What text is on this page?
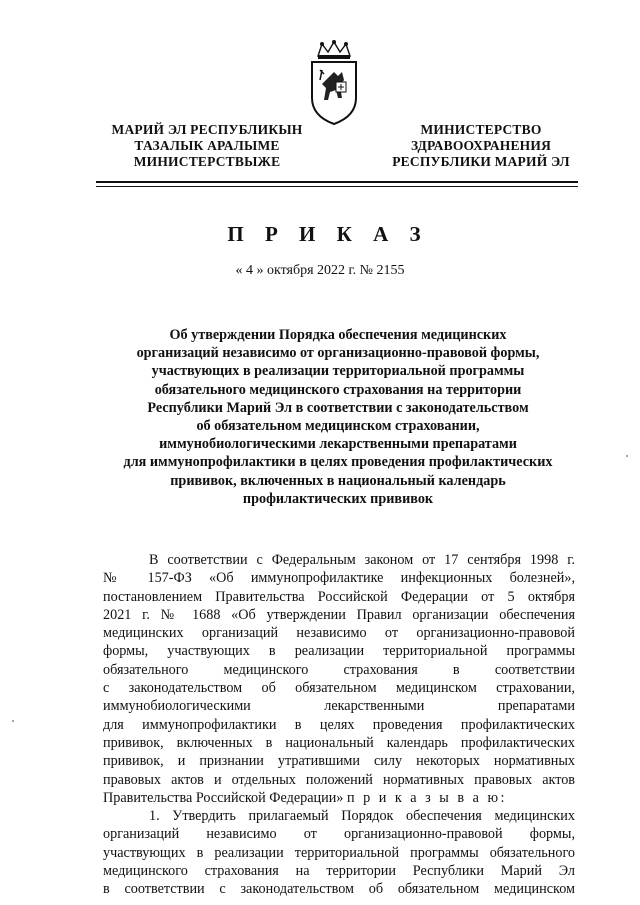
МАРИЙ ЭЛ РЕСПУБЛИКЫН
ТАЗАЛЫК АРАЛЫМЕ
МИНИСТЕРСТВЫЖЕ
МИНИСТЕРСТВО
ЗДРАВООХРАНЕНИЯ
РЕСПУБЛИКИ МАРИЙ ЭЛ
П Р И К А З
« 4 » октября 2022 г. № 2155
Об утверждении Порядка обеспечения медицинских
организаций независимо от организационно-правовой формы,
участвующих в реализации территориальной программы
обязательного медицинского страхования на территории
Республики Марий Эл в соответствии с законодательством
об обязательном медицинском страховании,
иммунобиологическими лекарственными препаратами
для иммунопрофилактики в целях проведения профилактических
прививок, включенных в национальный календарь
профилактических прививок
В соответствии с Федеральным законом от 17 сентября 1998 г.
№ 157-ФЗ «Об иммунопрофилактике инфекционных болезней»,
постановлением Правительства Российской Федерации от 5 октября
2021 г. № 1688 «Об утверждении Правил организации обеспечения
медицинских организаций независимо от организационно-правовой
формы, участвующих в реализации территориальной программы
обязательного медицинского страхования в соответствии
с законодательством об обязательном медицинском страховании,
иммунобиологическими лекарственными препаратами
для иммунопрофилактики в целях проведения профилактических
прививок, включенных в национальный календарь профилактических
прививок, и признании утратившими силу некоторых нормативных
правовых актов и отдельных положений нормативных правовых актов
Правительства Российской Федерации» п р и к а з ы в а ю:
1. Утвердить прилагаемый Порядок обеспечения медицинских
организаций независимо от организационно-правовой формы,
участвующих в реализации территориальной программы обязательного
медицинского страхования на территории Республики Марий Эл
в соответствии с законодательством об обязательном медицинском
